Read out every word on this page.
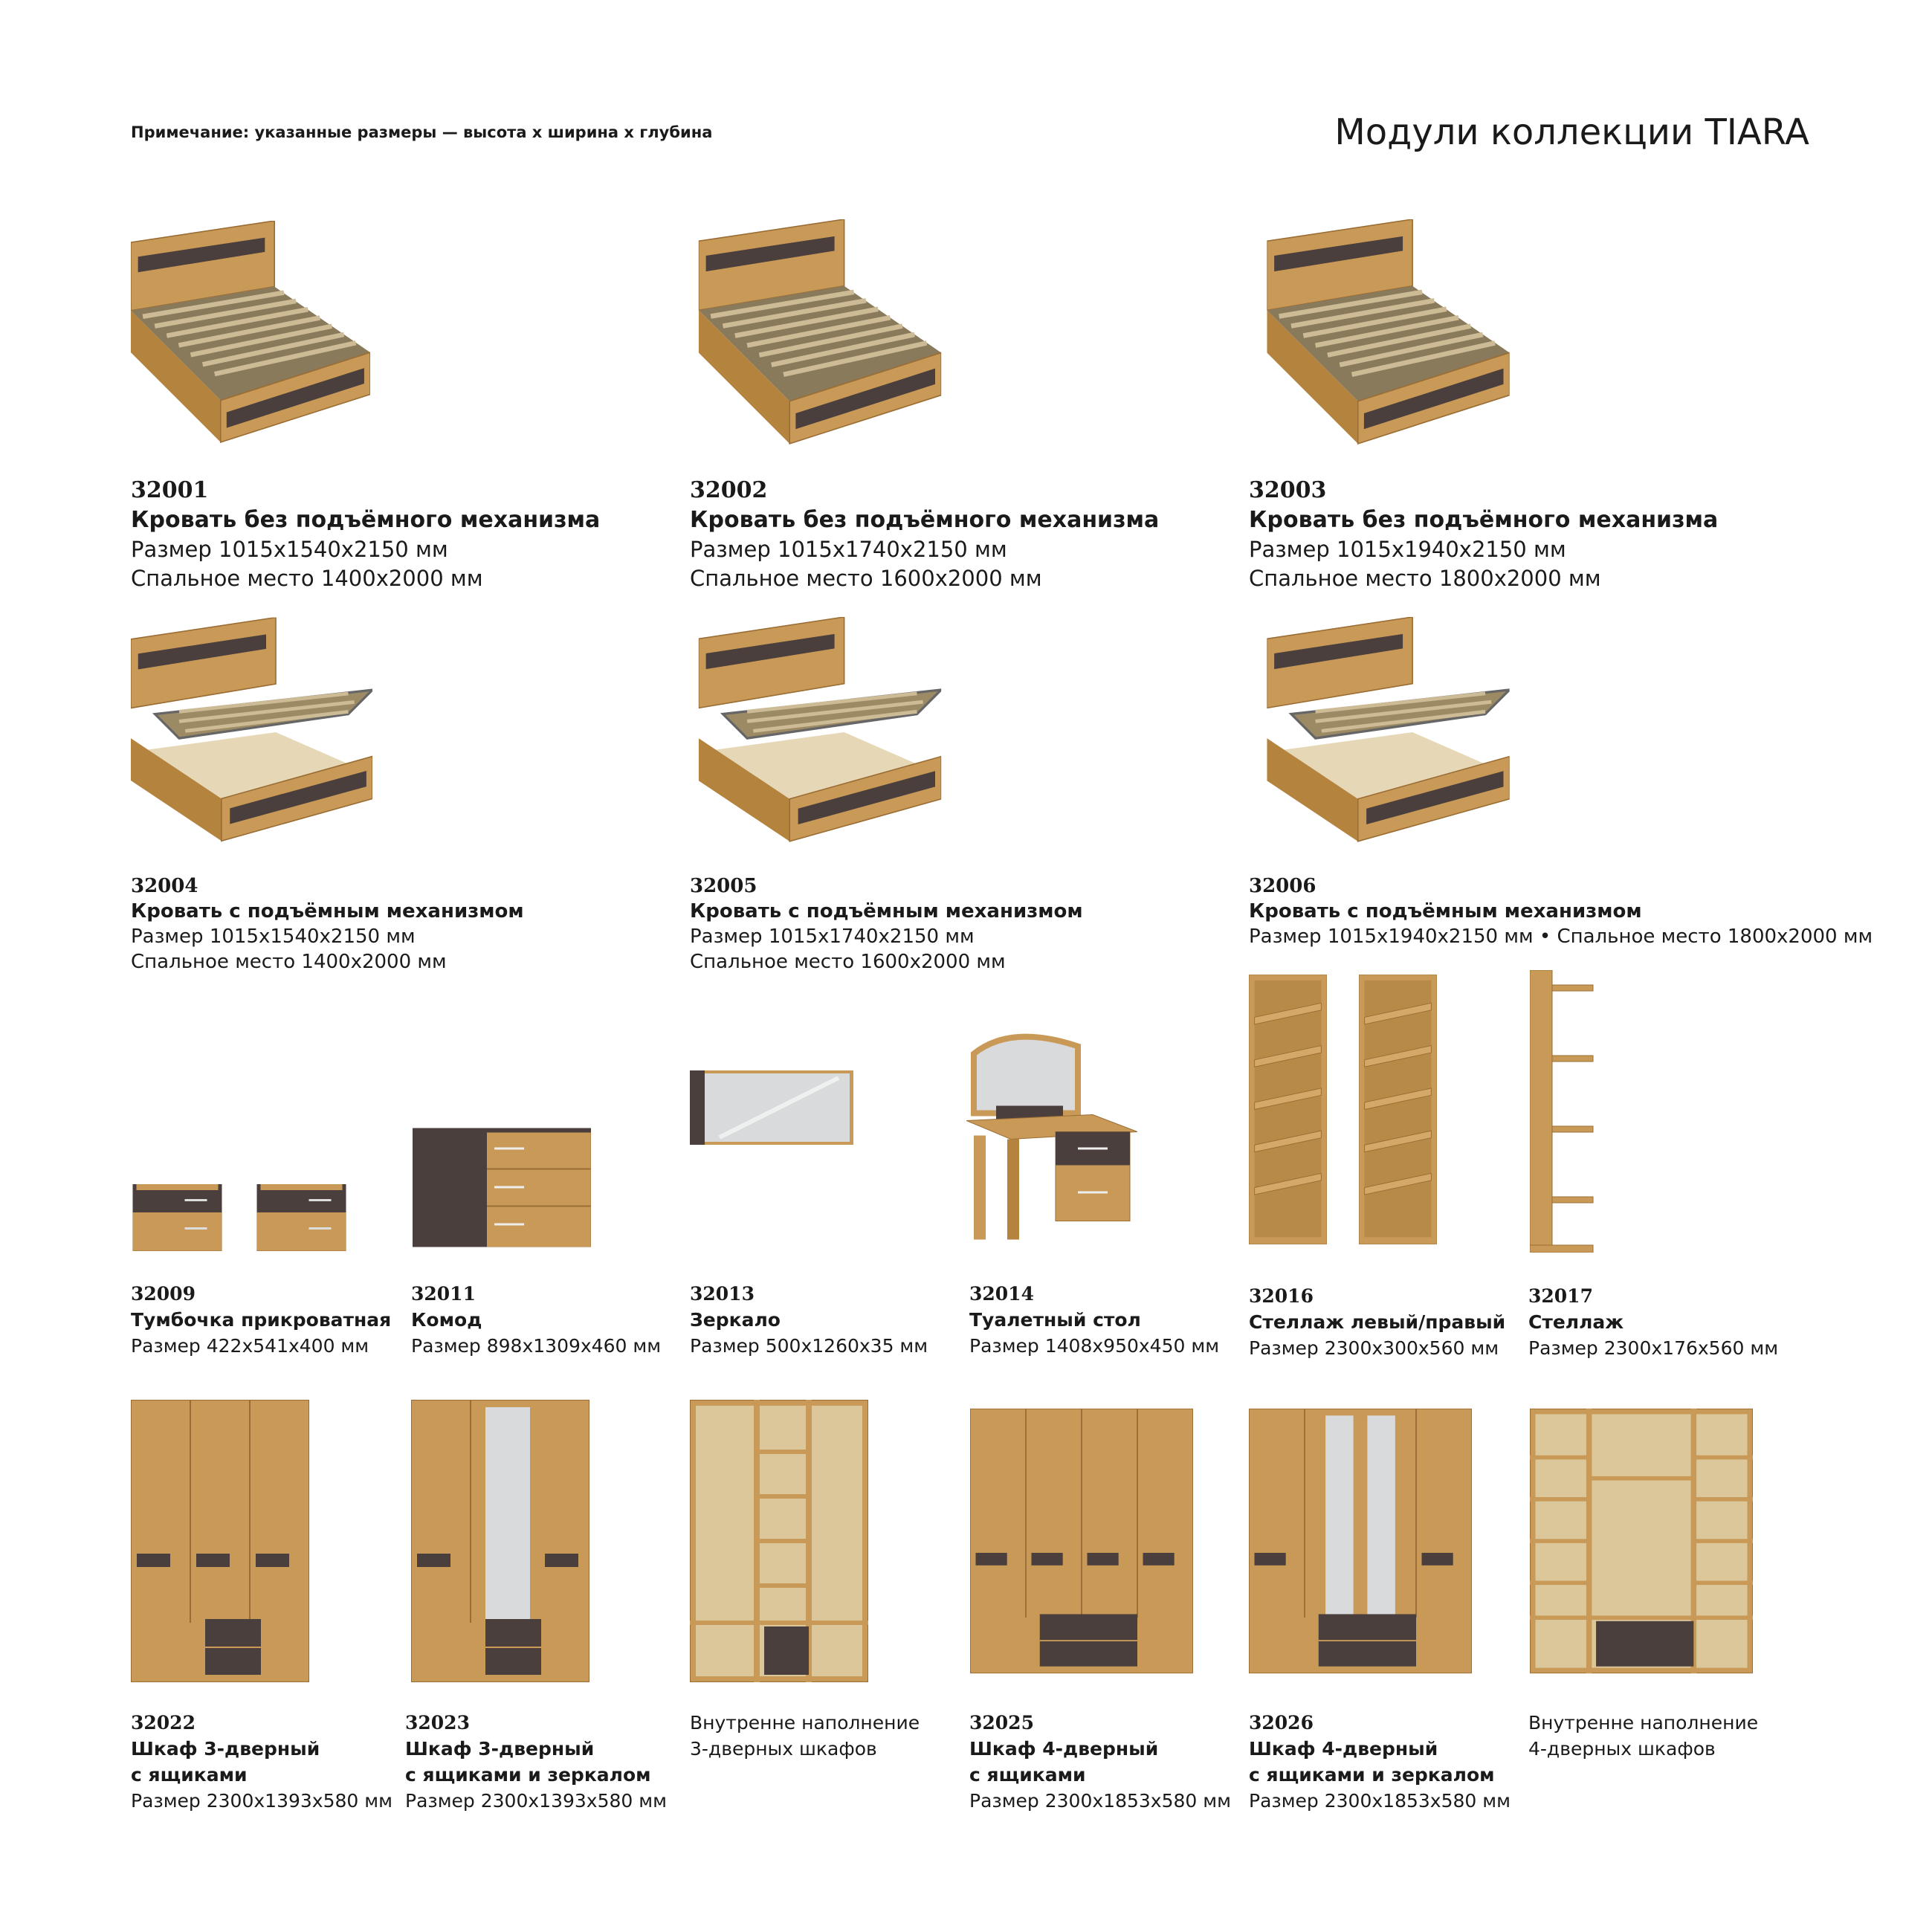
Примечание: указанные размеры — высота х ширина х глубина	Модули коллекции TIARA
32001
Кровать без подъёмного механизма
Размер 1015х1540х2150 мм
Спальное место 1400х2000 мм
32002
Кровать без подъёмного механизма
Размер 1015х1740х2150 мм
Спальное место 1600х2000 мм
32003
Кровать без подъёмного механизма
Размер 1015х1940х2150 мм
Спальное место 1800х2000 мм
32004
Кровать с подъёмным механизмом
Размер 1015х1540х2150 мм
Спальное место 1400х2000 мм
32005
Кровать с подъёмным механизмом
Размер 1015х1740х2150 мм
Спальное место 1600х2000 мм
32006
Кровать с подъёмным механизмом
Размер 1015х1940х2150 мм • Спальное место 1800х2000 мм
32009
Тумбочка прикроватная
Размер 422х541х400 мм
32011
Комод
Размер 898х1309х460 мм
32013
Зеркало
Размер 500х1260х35 мм
32014
Туалетный стол
Размер 1408х950х450 мм
32016
Стеллаж левый/правый
Размер 2300х300х560 мм
32017
Стеллаж
Размер 2300х176х560 мм
32022
Шкаф 3-дверный
с ящиками
Размер 2300х1393х580 мм
32023
Шкаф 3-дверный
с ящиками и зеркалом
Размер 2300х1393х580 мм
Внутренне наполнение
3-дверных шкафов
32025
Шкаф 4-дверный
с ящиками
Размер 2300х1853х580 мм
32026
Шкаф 4-дверный
с ящиками и зеркалом
Размер 2300х1853х580 мм
Внутренне наполнение
4-дверных шкафов
